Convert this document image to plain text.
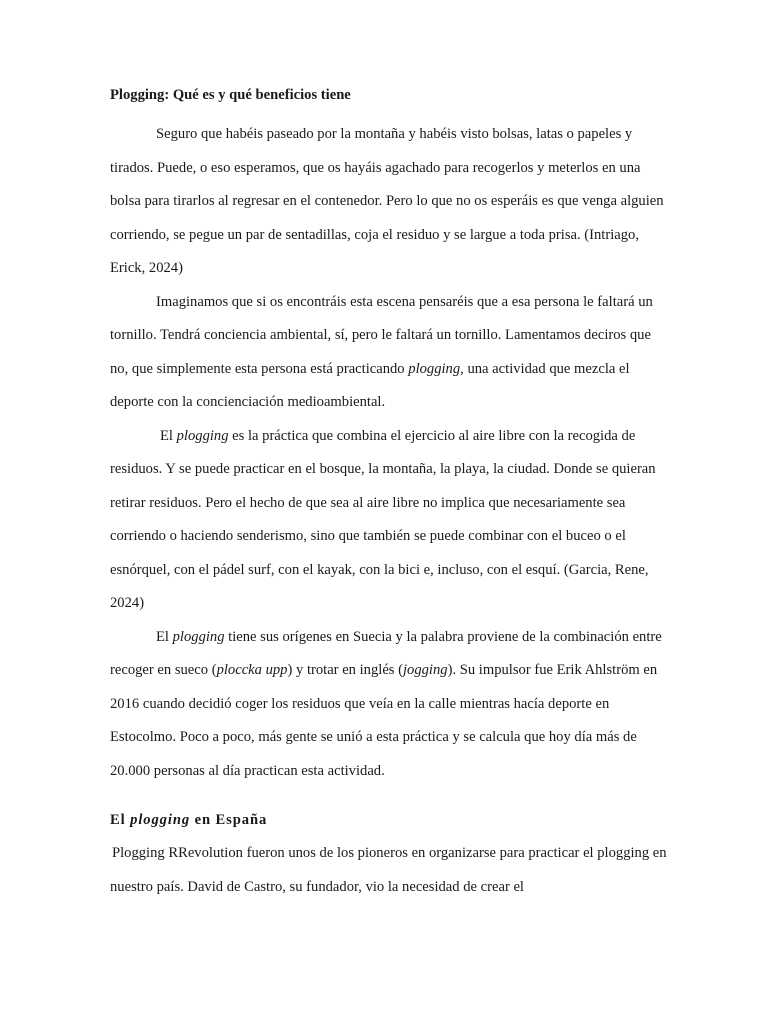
Plogging: Qué es y qué beneficios tiene

Seguro que habéis paseado por la montaña y habéis visto bolsas, latas o papeles y tirados. Puede, o eso esperamos, que os hayáis agachado para recogerlos y meterlos en una bolsa para tirarlos al regresar en el contenedor. Pero lo que no os esperáis es que venga alguien corriendo, se pegue un par de sentadillas, coja el residuo y se largue a toda prisa. (Intriago, Erick, 2024)

Imaginamos que si os encontráis esta escena pensaréis que a esa persona le faltará un tornillo. Tendrá conciencia ambiental, sí, pero le faltará un tornillo. Lamentamos deciros que no, que simplemente esta persona está practicando plogging, una actividad que mezcla el deporte con la concienciación medioambiental.

El plogging es la práctica que combina el ejercicio al aire libre con la recogida de residuos. Y se puede practicar en el bosque, la montaña, la playa, la ciudad. Donde se quieran retirar residuos. Pero el hecho de que sea al aire libre no implica que necesariamente sea corriendo o haciendo senderismo, sino que también se puede combinar con el buceo o el esnórquel, con el pádel surf, con el kayak, con la bici e, incluso, con el esquí. (Garcia, Rene, 2024)

El plogging tiene sus orígenes en Suecia y la palabra proviene de la combinación entre recoger en sueco (ploccka upp) y trotar en inglés (jogging). Su impulsor fue Erik Ahlström en 2016 cuando decidió coger los residuos que veía en la calle mientras hacía deporte en Estocolmo. Poco a poco, más gente se unió a esta práctica y se calcula que hoy día más de 20.000 personas al día practican esta actividad.

El plogging en España

Plogging RRevolution fueron unos de los pioneros en organizarse para practicar el plogging en nuestro país. David de Castro, su fundador, vio la necesidad de crear el
